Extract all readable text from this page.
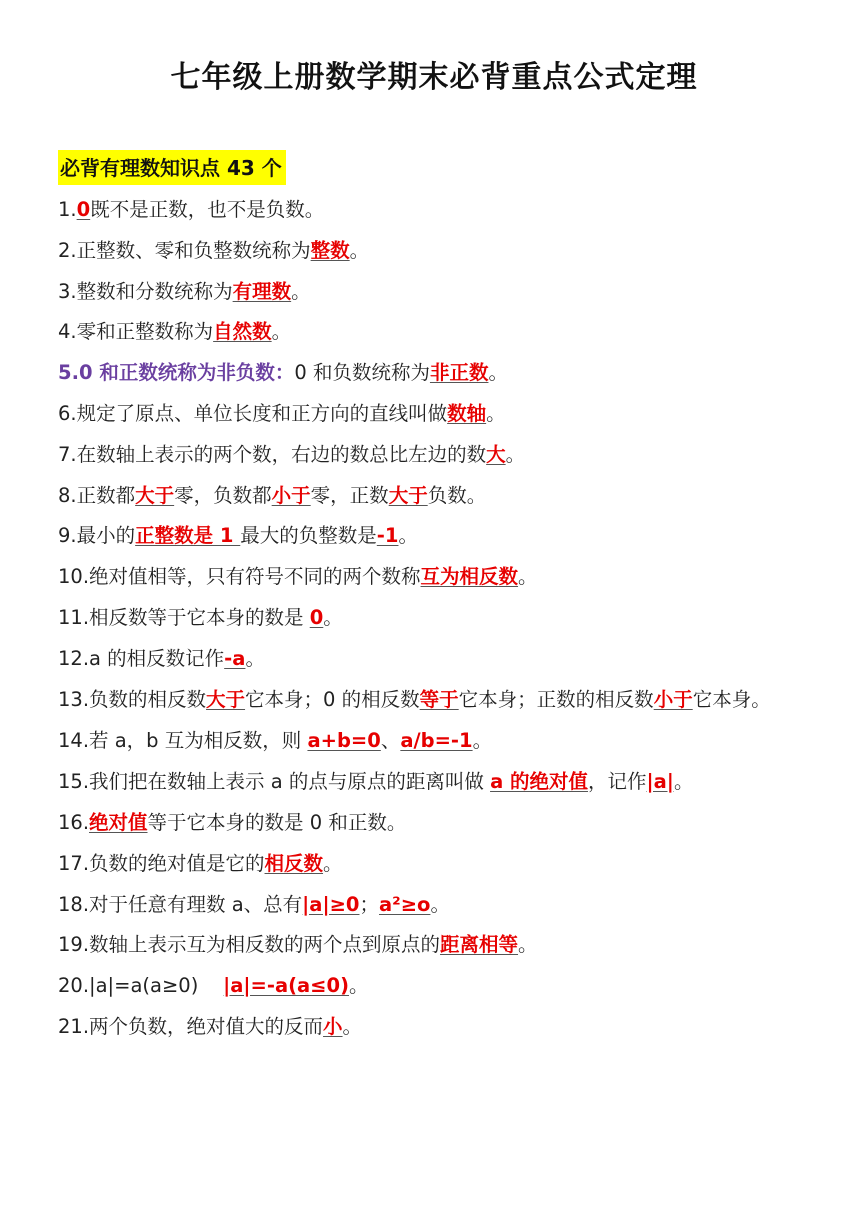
七年级上册数学期末必背重点公式定理
必背有理数知识点 43 个
1.0既不是正数，也不是负数。
2.正整数、零和负整数统称为整数。
3.整数和分数统称为有理数。
4.零和正整数称为自然数。
5.0 和正数统称为非负数：0 和负数统称为非正数。
6.规定了原点、单位长度和正方向的直线叫做数轴。
7.在数轴上表示的两个数，右边的数总比左边的数大。
8.正数都大于零，负数都小于零，正数大于负数。
9.最小的正整数是 1 最大的负整数是-1。
10.绝对值相等，只有符号不同的两个数称互为相反数。
11.相反数等于它本身的数是 0。
12.a 的相反数记作-a。
13.负数的相反数大于它本身；0 的相反数等于它本身；正数的相反数小于它本身。
14.若 a，b 互为相反数，则 a+b=0、a/b=-1。
15.我们把在数轴上表示 a 的点与原点的距离叫做 a 的绝对值，记作|a|。
16.绝对值等于它本身的数是 0 和正数。
17.负数的绝对值是它的相反数。
18.对于任意有理数 a、总有|a|≥0；a²≥o。
19.数轴上表示互为相反数的两个点到原点的距离相等。
20.|a|=a(a≥0)    |a|=-a(a≤0)。
21.两个负数，绝对值大的反而小。
